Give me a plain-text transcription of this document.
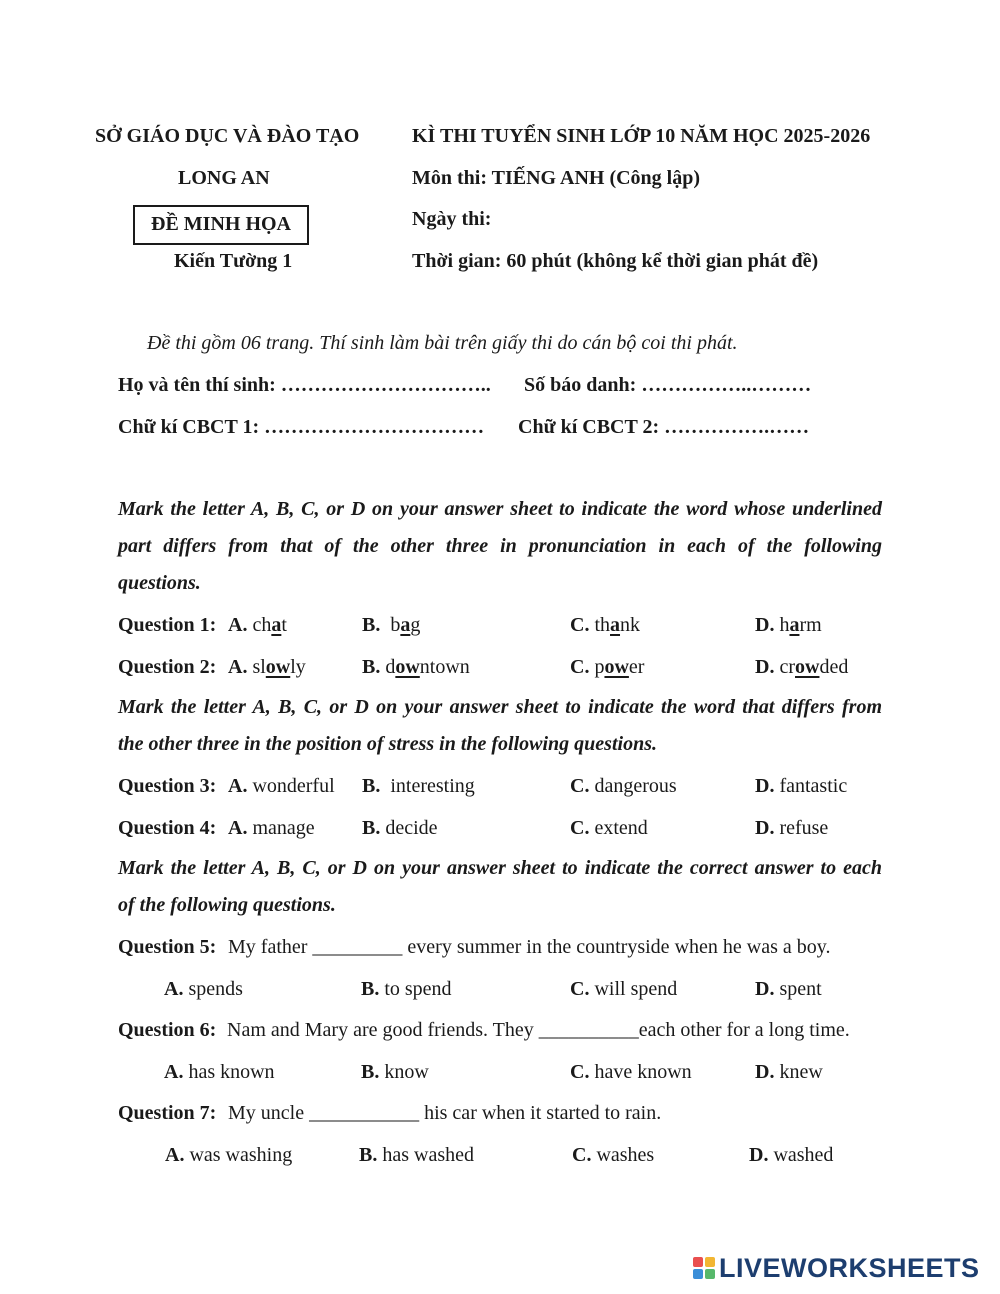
SỞ GIÁO DỤC VÀ ĐÀO TẠO
LONG AN
ĐỀ MINH HỌA
Kiến Tường 1
KÌ THI TUYỂN SINH LỚP 10 NĂM HỌC 2025-2026
Môn thi: TIẾNG ANH (Công lập)
Ngày thi:
Thời gian: 60 phút (không kể thời gian phát đề)
Đề thi gồm 06 trang. Thí sinh làm bài trên giấy thi do cán bộ coi thi phát.
Họ và tên thí sinh: ………………………….. Số báo danh: ……………..………
Chữ kí CBCT 1: …………………………… Chữ kí CBCT 2: …………….……
Mark the letter A, B, C, or D on your answer sheet to indicate the word whose underlined
part differs from that of the other three in pronunciation in each of the following
questions.
Question 1: A. chat	B. bag	C. thank	D. harm
Question 2: A. slowly	B. downtown	C. power	D. crowded
Mark the letter A, B, C, or D on your answer sheet to indicate the word that differs from
the other three in the position of stress in the following questions.
Question 3: A. wonderful B. interesting	C. dangerous	D. fantastic
Question 4: A. manage B. decide	C. extend	D. refuse
Mark the letter A, B, C, or D on your answer sheet to indicate the correct answer to each
of the following questions.
Question 5: My father _________ every summer in the countryside when he was a boy.
A. spends	B. to spend	C. will spend	D. spent
Question 6: Nam and Mary are good friends. They __________each other for a long time.
A. has known	B. know	C. have known	D. knew
Question 7: My uncle ___________ his car when it started to rain.
A. was washing	B. has washed	C. washes	D. washed
LIVEWORKSHEETS
